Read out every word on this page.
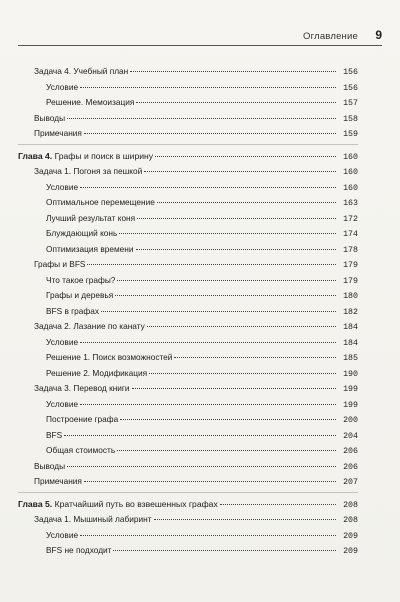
Оглавление	9
Задача 4. Учебный план	156
Условие	156
Решение. Мемоизация	157
Выводы	158
Примечания	159
Глава 4. Графы и поиск в ширину	160
Задача 1. Погоня за пешкой	160
Условие	160
Оптимальное перемещение	163
Лучший результат коня	172
Блуждающий конь	174
Оптимизация времени	178
Графы и BFS	179
Что такое графы?	179
Графы и деревья	180
BFS в графах	182
Задача 2. Лазание по канату	184
Условие	184
Решение 1. Поиск возможностей	185
Решение 2. Модификация	190
Задача 3. Перевод книги	199
Условие	199
Построение графа	200
BFS	204
Общая стоимость	206
Выводы	206
Примечания	207
Глава 5. Кратчайший путь во взвешенных графах	208
Задача 1. Мышиный лабиринт	208
Условие	209
BFS не подходит	209
